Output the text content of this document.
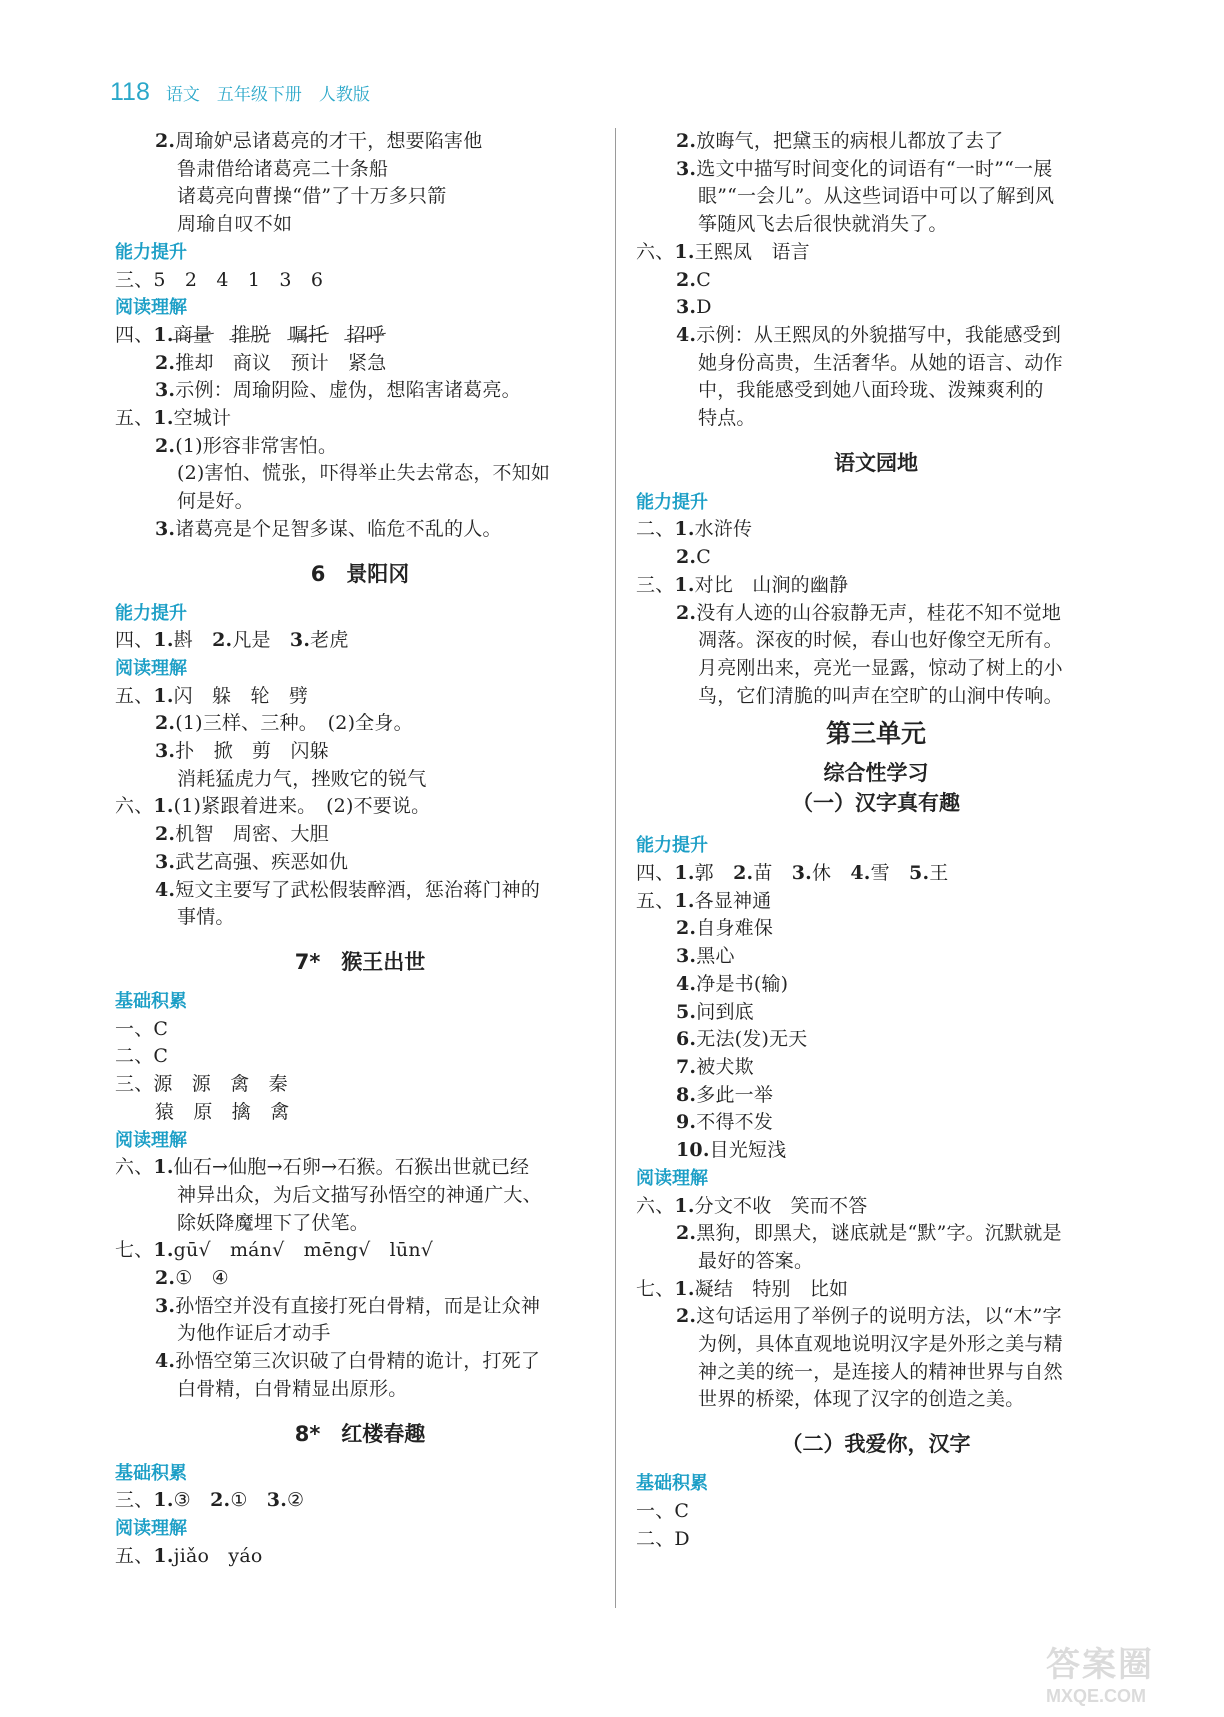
118 语文　五年级下册　人教版
2.周瑜妒忌诸葛亮的才干，想要陷害他
鲁肃借给诸葛亮二十条船
诸葛亮向曹操“借”了十万多只箭
周瑜自叹不如
能力提升
三、5　2　4　1　3　6
阅读理解
四、1.商量　 推脱　 嘱托　 招呼
2.推却　商议　预计　紧急
3.示例：周瑜阴险、虚伪，想陷害诸葛亮。
五、1.空城计
2.(1)形容非常害怕。
(2)害怕、慌张，吓得举止失去常态，不知如
何是好。
3.诸葛亮是个足智多谋、临危不乱的人。
6　景阳冈
能力提升
四、1.斟　2.凡是　3.老虎
阅读理解
五、1.闪　躲　轮　劈
2.(1)三样、三种。　(2)全身。
3.扑　掀　剪　闪躲
消耗猛虎力气，挫败它的锐气
六、1.(1)紧跟着进来。　(2)不要说。
2.机智　周密、大胆
3.武艺高强、疾恶如仇
4.短文主要写了武松假装醉酒，惩治蒋门神的
事情。
7*　猴王出世
基础积累
一、C
二、C
三、源　源　禽　秦
猿　原　擒　禽
阅读理解
六、1.仙石→仙胞→石卵→石猴。石猴出世就已经
神异出众，为后文描写孙悟空的神通广大、
除妖降魔埋下了伏笔。
七、1.gū√　mán√　mēng√　lūn√
2.①　④
3.孙悟空并没有直接打死白骨精，而是让众神
为他作证后才动手
4.孙悟空第三次识破了白骨精的诡计，打死了
白骨精，白骨精显出原形。
8*　红楼春趣
基础积累
三、1.③　2.①　3.②
阅读理解
五、1.jiǎo　yáo
2.放晦气，把黛玉的病根儿都放了去了
3.选文中描写时间变化的词语有“一时”“一展
眼”“一会儿”。从这些词语中可以了解到风
筝随风飞去后很快就消失了。
六、1.王熙凤　语言
2.C
3.D
4.示例：从王熙凤的外貌描写中，我能感受到
她身份高贵，生活奢华。从她的语言、动作
中，我能感受到她八面玲珑、泼辣爽利的
特点。
语文园地
能力提升
二、1.水浒传
2.C
三、1.对比　山涧的幽静
2.没有人迹的山谷寂静无声，桂花不知不觉地
凋落。深夜的时候，春山也好像空无所有。
月亮刚出来，亮光一显露，惊动了树上的小
鸟，它们清脆的叫声在空旷的山涧中传响。
第三单元
综合性学习
（一）汉字真有趣
能力提升
四、1.郭　2.苗　3.休　4.雪　5.王
五、1.各显神通
2.自身难保
3.黑心
4.净是书(输)
5.问到底
6.无法(发)无天
7.被犬欺
8.多此一举
9.不得不发
10.目光短浅
阅读理解
六、1.分文不收　笑而不答
2.黑狗，即黑犬，谜底就是“默”字。沉默就是
最好的答案。
七、1.凝结　特别　比如
2.这句话运用了举例子的说明方法，以“木”字
为例，具体直观地说明汉字是外形之美与精
神之美的统一，是连接人的精神世界与自然
世界的桥梁，体现了汉字的创造之美。
（二）我爱你，汉字
基础积累
一、C
二、D
答案圈
MXQE.COM
